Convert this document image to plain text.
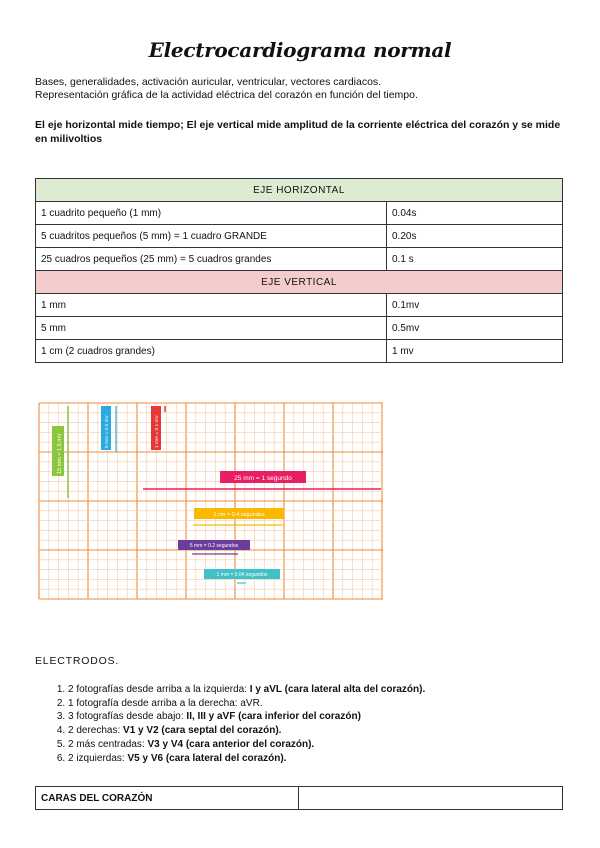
Electrocardiograma normal
Bases, generalidades, activación auricular, ventricular, vectores cardiacos.
Representación gráfica de la actividad eléctrica del corazón en función del tiempo.
El eje horizontal mide tiempo; El eje vertical mide amplitud de la corriente eléctrica del corazón y se mide en milivoltios
EJE HORIZONTAL	
1 cuadrito pequeño (1 mm)	0.04s
5 cuadritos pequeños (5 mm) = 1 cuadro GRANDE	0.20s
25 cuadros pequeños (25 mm) = 5 cuadros grandes	0.1 s
EJE VERTICAL	
1 mm	0.1mv
5 mm	0.5mv
1 cm (2 cuadros grandes)	1 mv
15 mm = 1.5 mV
5 mm = 0.5 mV	1 mm = 0.1 mV
25 mm = 1 segundo
1 cm = 0.4 segundos
5 mm = 0.2 segundos
1 mm = 0.04 segundos
ELECTRODOS.
1. 2 fotografías desde arriba a la izquierda: I y aVL (cara lateral alta del corazón).
2. 1 fotografía desde arriba a la derecha: aVR.
3. 3 fotografías desde abajo: II, III y aVF (cara inferior del corazón)
4. 2 derechas: V1 y V2 (cara septal del corazón).
5. 2 más centradas: V3 y V4 (cara anterior del corazón).
6. 2 izquierdas: V5 y V6 (cara lateral del corazón).
CARAS DEL CORAZÓN	
